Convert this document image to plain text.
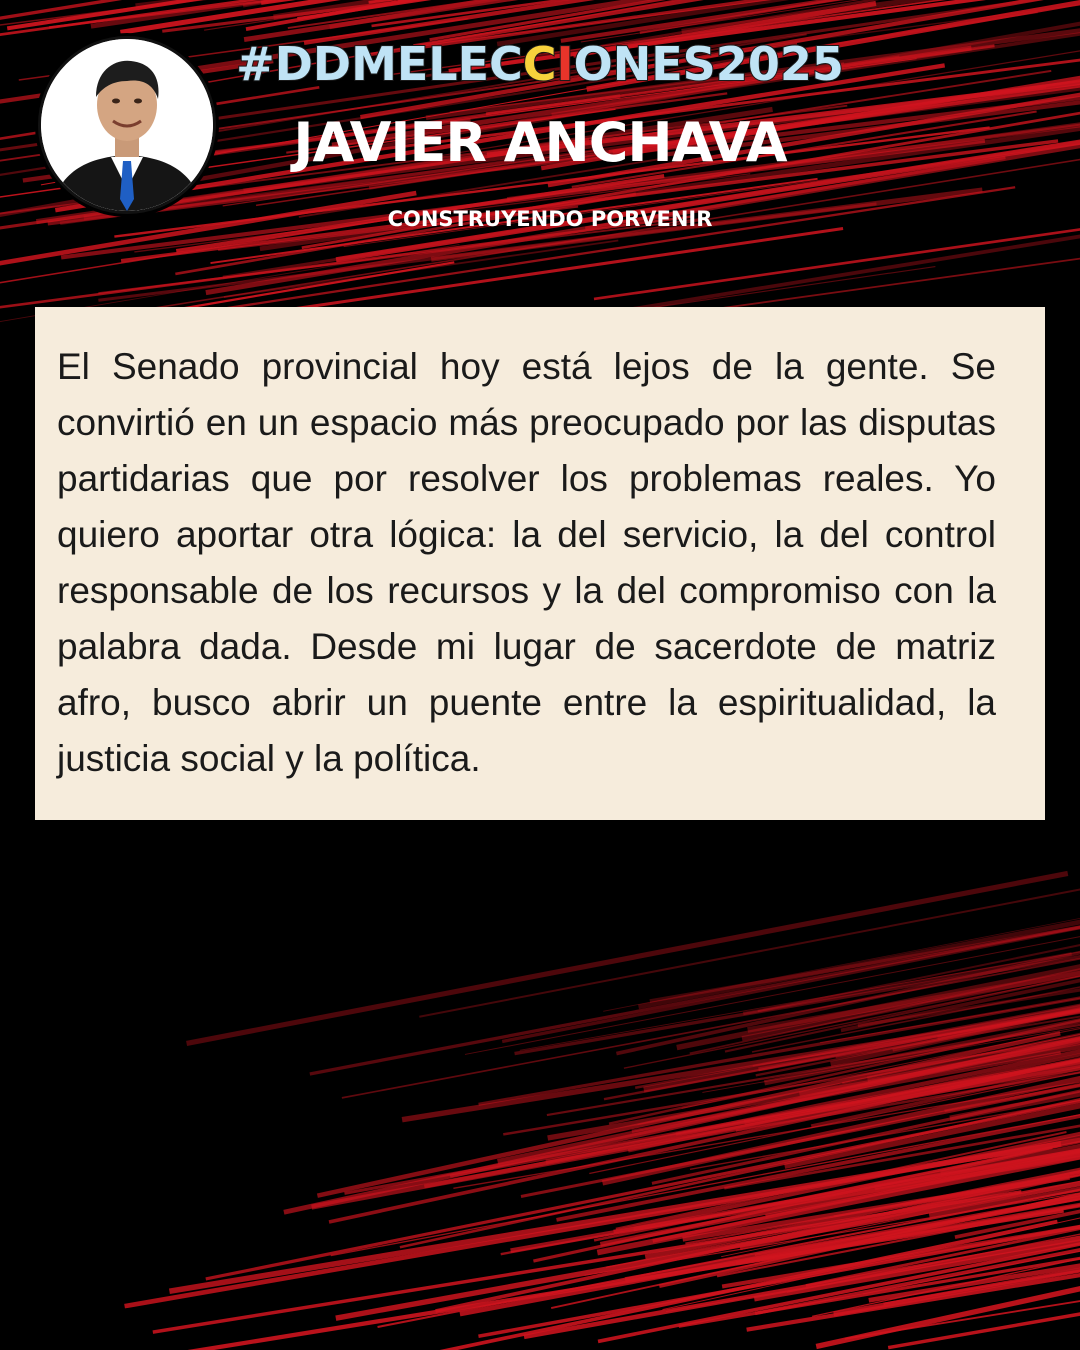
#DDMELECCIONES2025
JAVIER ANCHAVA
CONSTRUYENDO PORVENIR

El Senado provincial hoy está lejos de la gente. Se convirtió en un espacio más preocupado por las disputas partidarias que por resolver los problemas reales. Yo quiero aportar otra lógica: la del servicio, la del control responsable de los recursos y la del compromiso con la palabra dada. Desde mi lugar de sacerdote de matriz afro, busco abrir un puente entre la espiritualidad, la justicia social y la política.
